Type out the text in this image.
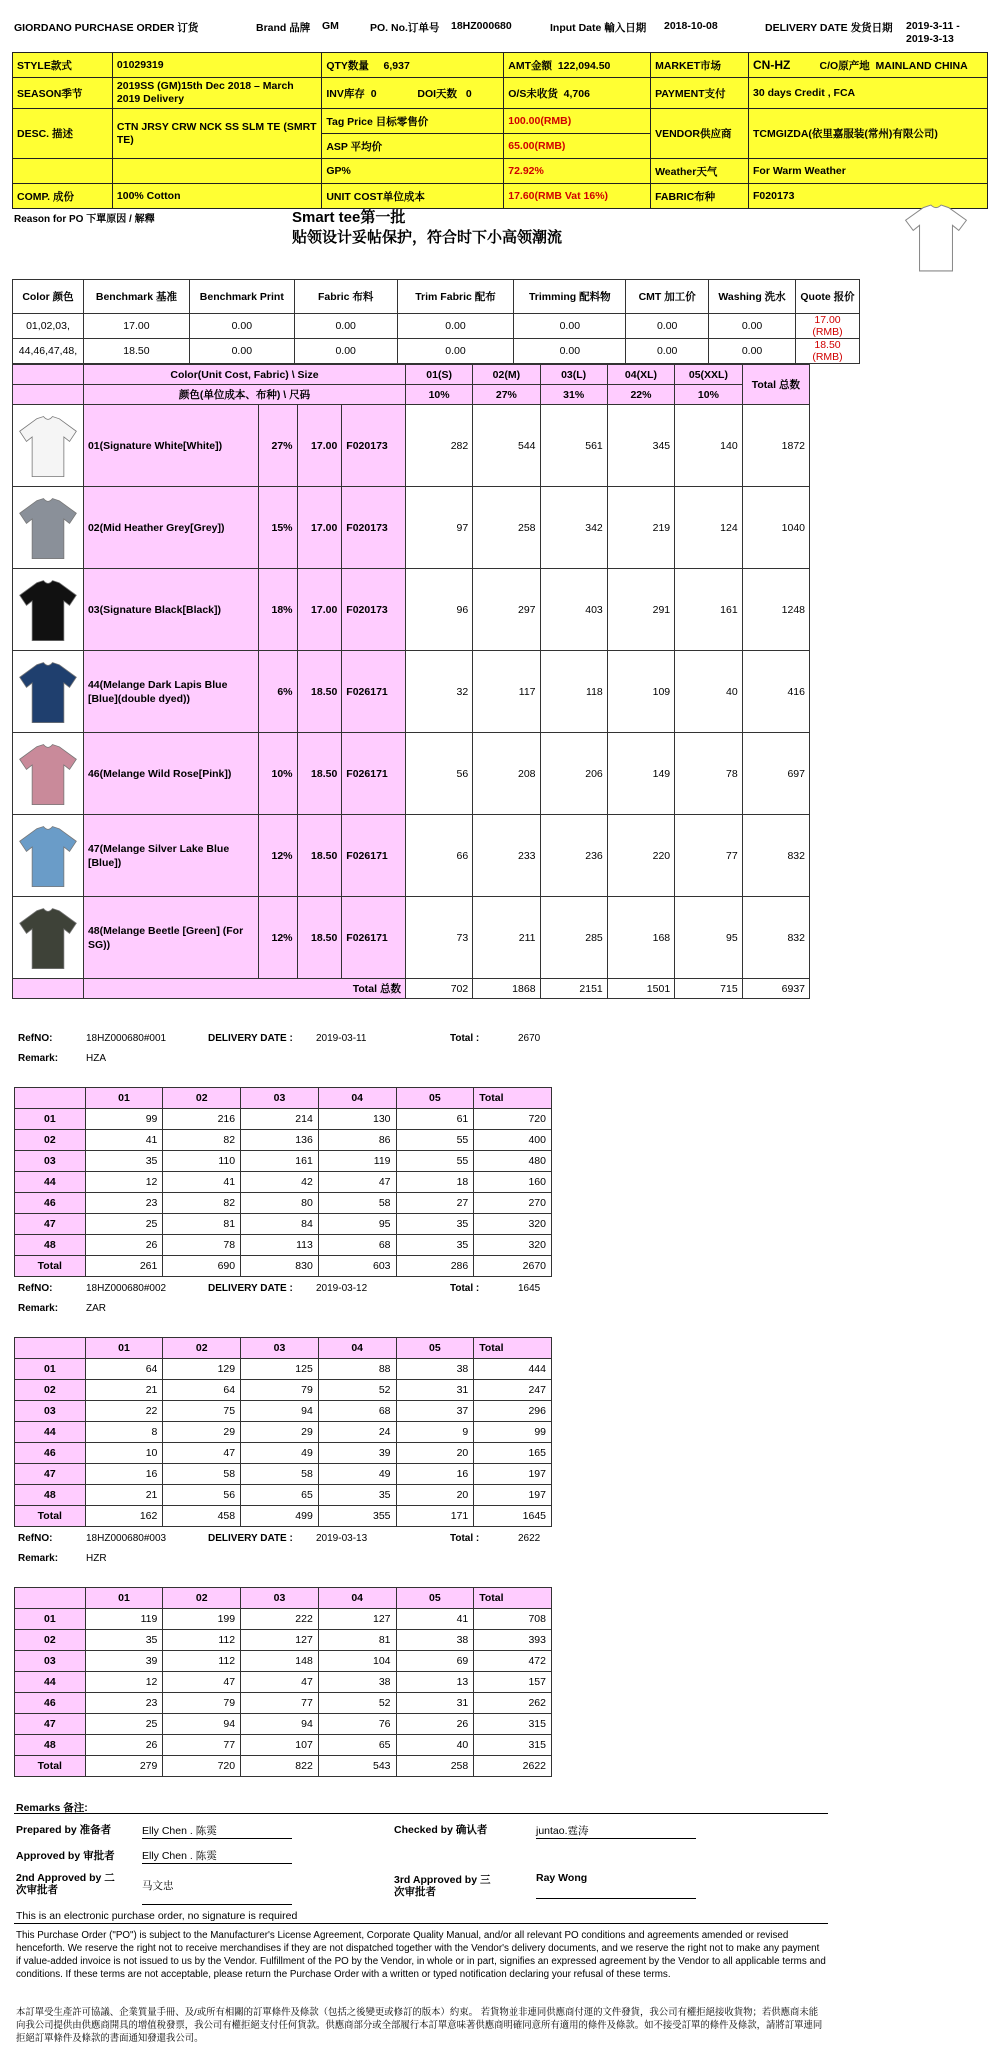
GIORDANO PURCHASE ORDER 订货	Brand 品牌 GM	PO. No.订单号 18HZ000680	Input Date 輸入日期 2018-10-08	DELIVERY DATE 发货日期 2019-3-11 - 2019-3-13
STYLE款式	01029319	QTY数量 6,937	AMT金额 122,094.50	MARKET市场	CN-HZ C/O原产地 MAINLAND CHINA
SEASON季节	2019SS (GM)15th Dec 2018 – March 2019 Delivery	INV库存 0 DOI天数 0	O/S未收货 4,706	PAYMENT支付	30 days Credit , FCA
DESC. 描述	CTN JRSY CRW NCK SS SLM TE (SMRT TE)	Tag Price 目标零售价	100.00(RMB)	VENDOR供应商	TCMGIZDA(依里嘉服装(常州)有限公司)
		ASP 平均价	65.00(RMB)		
		GP%	72.92%	Weather天气	For Warm Weather
COMP. 成份	100% Cotton	UNIT COST单位成本	17.60(RMB Vat 16%)	FABRIC布种	F020173
Reason for PO 下單原因 / 解釋	Smart tee第一批
贴领设计妥帖保护，符合时下小高领潮流
Color 颜色	Benchmark 基准	Benchmark Print	Fabric 布料	Trim Fabric 配布	Trimming 配料物	CMT 加工价	Washing 洗水	Quote 报价
01,02,03,	17.00	0.00	0.00	0.00	0.00	0.00	0.00	17.00 (RMB)
44,46,47,48,	18.50	0.00	0.00	0.00	0.00	0.00	0.00	18.50 (RMB)
	Color(Unit Cost, Fabric) \ Size				01(S)	02(M)	03(L)	04(XL)	05(XXL)	Total 总数
	颜色(单位成本、布种) \ 尺码				10%	27%	31%	22%	10%	

	01(Signature White[White])	27%	17.00	F020173	282	544	561	345	140	1872

	02(Mid Heather Grey[Grey])	15%	17.00	F020173	97	258	342	219	124	1040

	03(Signature Black[Black])	18%	17.00	F020173	96	297	403	291	161	1248

	44(Melange Dark Lapis Blue [Blue](double dyed))	6%	18.50	F026171	32	117	118	109	40	416

	46(Melange Wild Rose[Pink])	10%	18.50	F026171	56	208	206	149	78	697

	47(Melange Silver Lake Blue [Blue])	12%	18.50	F026171	66	233	236	220	77	832

	48(Melange Beetle [Green] (For SG))	12%	18.50	F026171	73	211	285	168	95	832
	Total 总数				702	1868	2151	1501	715	6937
RefNO:	18HZ000680#001	DELIVERY DATE : 2019-03-11	Total :	2670
Remark:	HZA
	01	02	03	04	05	Total
01	99	216	214	130	61	720
02	41	82	136	86	55	400
03	35	110	161	119	55	480
44	12	41	42	47	18	160
46	23	82	80	58	27	270
47	25	81	84	95	35	320
48	26	78	113	68	35	320
Total	261	690	830	603	286	2670
RefNO:	18HZ000680#002	DELIVERY DATE : 2019-03-12	Total :	1645
Remark:	ZAR
	01	02	03	04	05	Total
01	64	129	125	88	38	444
02	21	64	79	52	31	247
03	22	75	94	68	37	296
44	8	29	29	24	9	99
46	10	47	49	39	20	165
47	16	58	58	49	16	197
48	21	56	65	35	20	197
Total	162	458	499	355	171	1645
RefNO:	18HZ000680#003	DELIVERY DATE : 2019-03-13	Total :	2622
Remark:	HZR
	01	02	03	04	05	Total
01	119	199	222	127	41	708
02	35	112	127	81	38	393
03	39	112	148	104	69	472
44	12	47	47	38	13	157
46	23	79	77	52	31	262
47	25	94	94	76	26	315
48	26	77	107	65	40	315
Total	279	720	822	543	258	2622
Remarks 备注:
Prepared by 准备者	Elly Chen . 陈霙	Checked by 确认者	juntao.霆涛
Approved by 审批者	Elly Chen . 陈霙
2nd Approved by 二次审批者	马文忠	3rd Approved by 三次审批者
Ray Wong
This is an electronic purchase order, no signature is required
This Purchase Order ("PO") is subject to the Manufacturer's License Agreement, Corporate Quality Manual, and/or all relevant PO conditions and agreements amended or revised henceforth. We reserve the right not to receive merchandises if they are not dispatched together with the Vendor's delivery documents, and we reserve the right not to make any payment if value-added invoice is not issued to us by the Vendor. Fulfillment of the PO by the Vendor, in whole or in part, signifies an expressed agreement by the Vendor to all applicable terms and conditions. If these terms are not acceptable, please return the Purchase Order with a written or typed notification declaring your refusal of these terms.
本訂單受生產許可協議、企業質量手冊、及/或所有相關的訂單條件及條款（包括之後變更或修訂的版本）約束。 若貨物並非連同供應商付運的文件發貨，我公司有權拒絕接收貨物；若供應商未能向我公司提供由供應商開具的增值稅發票，我公司有權拒絕支付任何貨款。供應商部分或全部履行本訂單意味著供應商明確同意所有適用的條件及條款。如不接受訂單的條件及條款，請將訂單連同拒絕訂單條件及條款的書面通知發還我公司。
